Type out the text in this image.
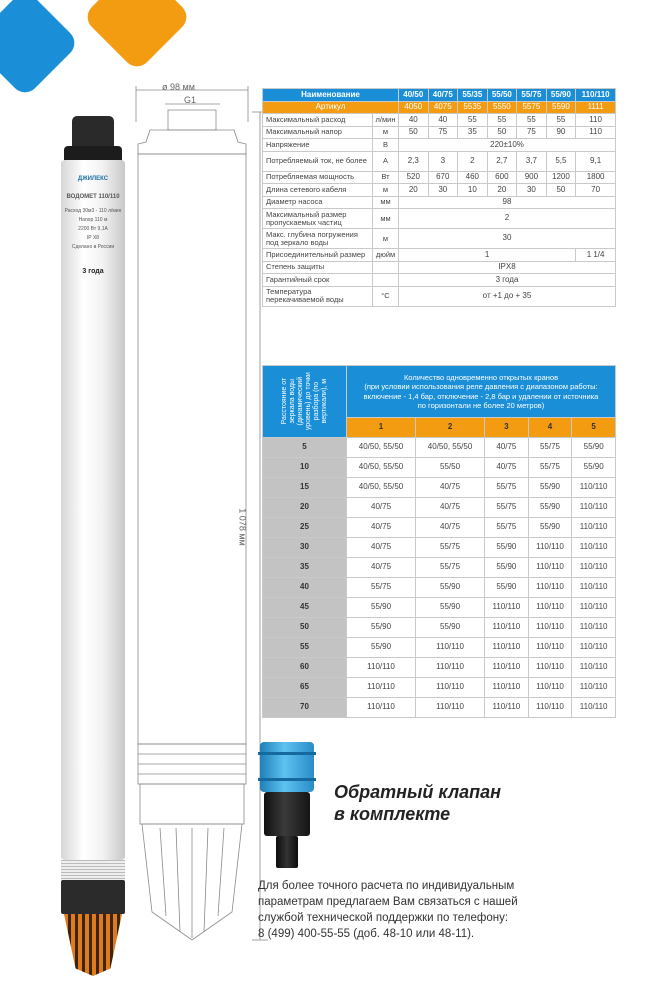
ДЖИЛЕКС
ВОДОМЕТ 110/110
Расход 30м3 - 110 л/мин
Напор 110 м
2200 Вт 9,1А
IP X8
Сделано в России
3 года
ø 98 мм
G1
1 078 мм
Наименование		40/50	40/75	55/35	55/50	55/75	55/90	110/110
Артикул		4050	4075	5535	5550	5575	5590	1111
Максимальный расход	л/мин	40	40	55	55	55	55	110
Максимальный напор	м	50	75	35	50	75	90	110
Напряжение	В	220±10%						
Потребляемый ток, не более	А	2,3	3	2	2,7	3,7	5,5	9,1
Потребляемая мощность	Вт	520	670	460	600	900	1200	1800
Длина сетевого кабеля	м	20	30	10	20	30	50	70
Диаметр насоса	мм	98						
Максимальный размер пропускаемых частиц	мм	2						
Макс. глубина погружения под зеркало воды	м	30						
Присоединительный размер	дюйм	1						1 1/4
Степень защиты		IPX8						
Гарантийный срок		3 года						
Температура перекачиваемой воды	°С	от +1 до + 35						
Расстояние от зеркала воды (динамический уровень) до точки разбора (по вертикали), м	Количество одновременно открытых кранов
(при условии использования реле давления с диапазоном работы:
включение - 1,4 бар, отключение - 2,8 бар и удалении от источника
по горизонтали не более 20 метров)				

	1	2	3	4	5
5	40/50, 55/50	40/50, 55/50	40/75	55/75	55/90
10	40/50, 55/50	55/50	40/75	55/75	55/90
15	40/50, 55/50	40/75	55/75	55/90	110/110
20	40/75	40/75	55/75	55/90	110/110
25	40/75	40/75	55/75	55/90	110/110
30	40/75	55/75	55/90	110/110	110/110
35	40/75	55/75	55/90	110/110	110/110
40	55/75	55/90	55/90	110/110	110/110
45	55/90	55/90	110/110	110/110	110/110
50	55/90	55/90	110/110	110/110	110/110
55	55/90	110/110	110/110	110/110	110/110
60	110/110	110/110	110/110	110/110	110/110
65	110/110	110/110	110/110	110/110	110/110
70	110/110	110/110	110/110	110/110	110/110
Обратный клапан
в комплекте
Для более точного расчета по индивидуальным
параметрам предлагаем Вам связаться с нашей
службой технической поддержки по телефону:
8 (499) 400-55-55 (доб. 48-10 или 48-11).
